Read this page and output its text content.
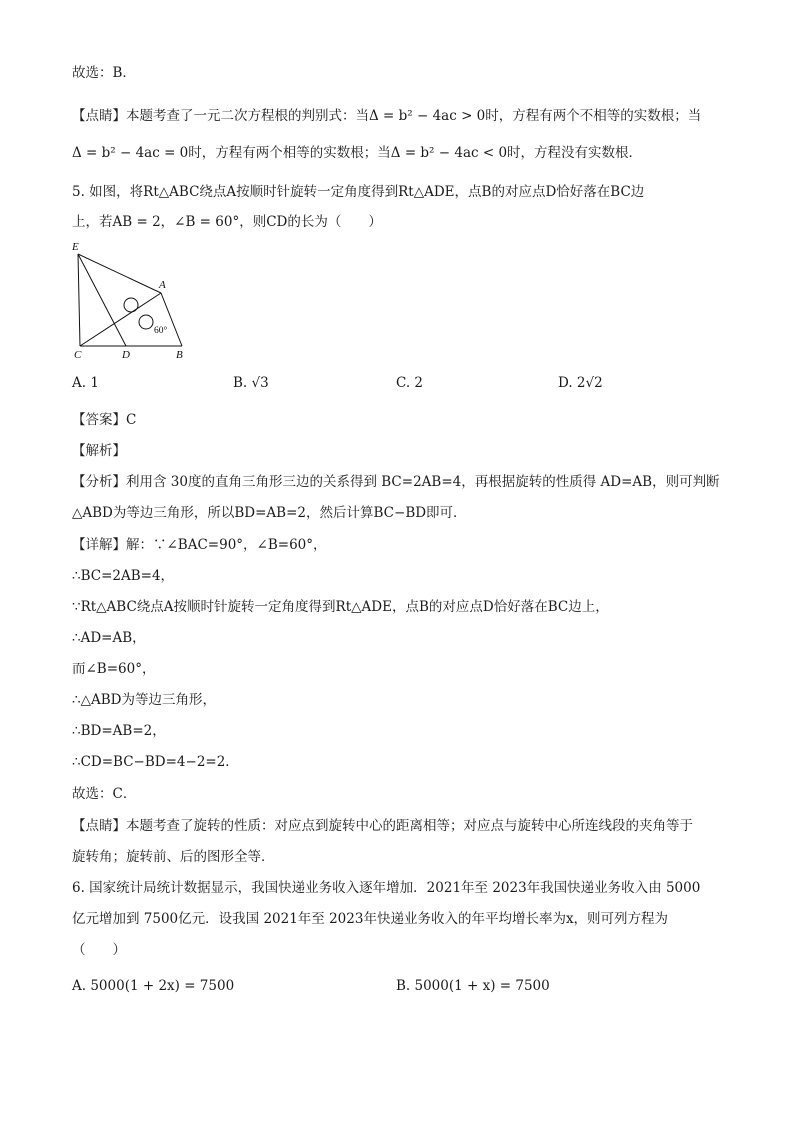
故选：B．
【点睛】本题考查了一元二次方程根的判别式：当Δ = b² − 4ac > 0时，方程有两个不相等的实数根；当
Δ = b² − 4ac = 0时，方程有两个相等的实数根；当Δ = b² − 4ac < 0时，方程没有实数根．
5. 如图，将Rt△ABC绕点A按顺时针旋转一定角度得到Rt△ADE，点B的对应点D恰好落在BC边
上，若AB = 2，∠B = 60°，则CD的长为（　　）
E
A
C	D	B
60°
A. 1	B. √3	C. 2	D. 2√2
【答案】C
【解析】
【分析】利用含 30度的直角三角形三边的关系得到 BC=2AB=4，再根据旋转的性质得 AD=AB，则可判断
△ABD为等边三角形，所以BD=AB=2，然后计算BC−BD即可．
【详解】解：∵∠BAC=90°，∠B=60°，
∴BC=2AB=4，
∵Rt△ABC绕点A按顺时针旋转一定角度得到Rt△ADE，点B的对应点D恰好落在BC边上，
∴AD=AB，
而∠B=60°，
∴△ABD为等边三角形，
∴BD=AB=2，
∴CD=BC−BD=4−2=2．
故选：C．
【点睛】本题考查了旋转的性质：对应点到旋转中心的距离相等；对应点与旋转中心所连线段的夹角等于
旋转角；旋转前、后的图形全等．
6. 国家统计局统计数据显示，我国快递业务收入逐年增加．2021年至 2023年我国快递业务收入由 5000
亿元增加到 7500亿元．设我国 2021年至 2023年快递业务收入的年平均增长率为x，则可列方程为
（　　）
A. 5000(1 + 2x) = 7500	B. 5000(1 + x) = 7500
